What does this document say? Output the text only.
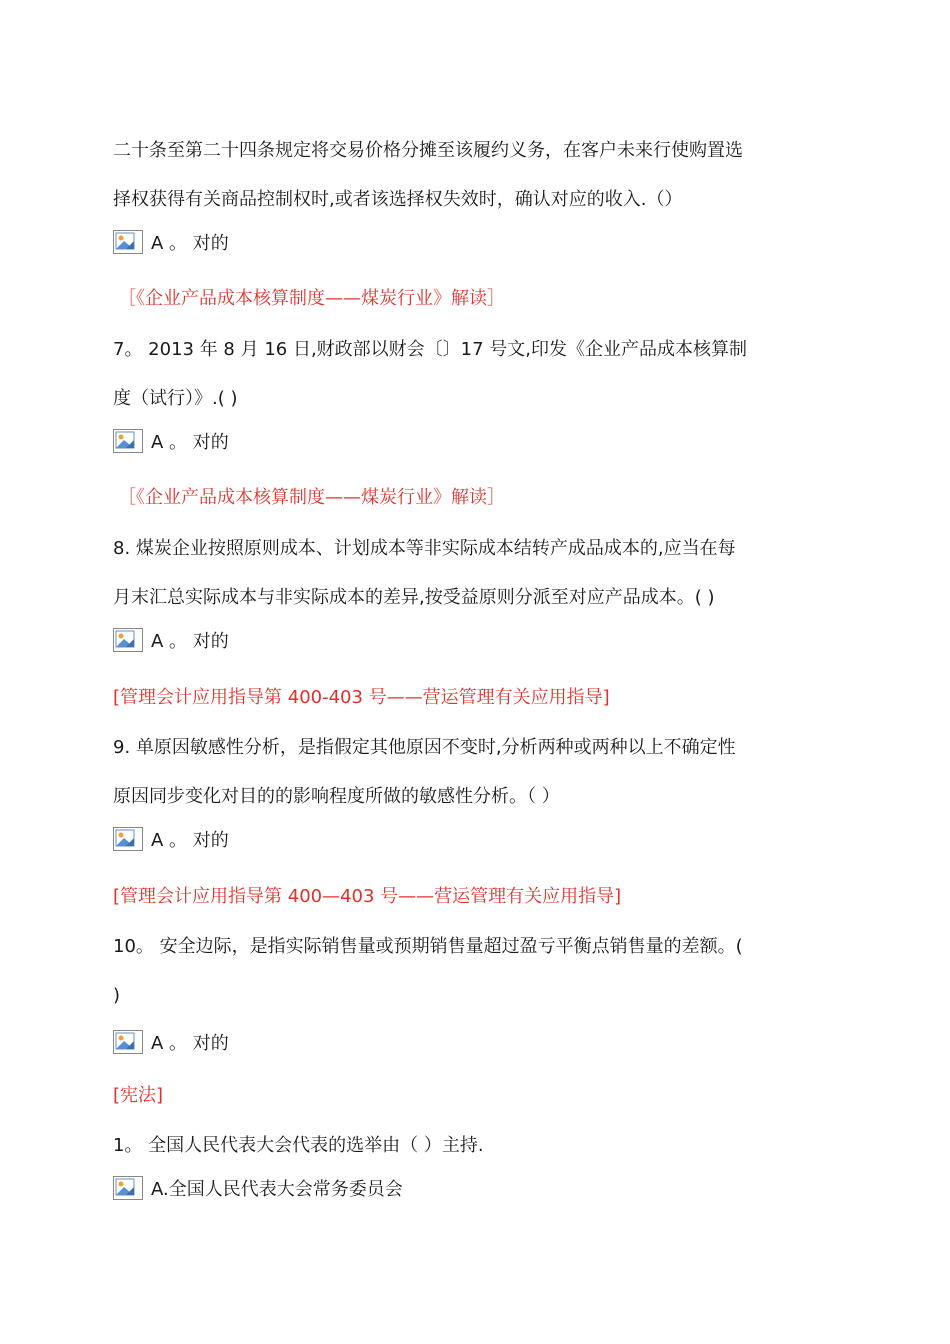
二十条至第二十四条规定将交易价格分摊至该履约义务，在客户未来行使购置选
择权获得有关商品控制权时,或者该选择权失效时，确认对应的收入.（）
A 。 对的
［《企业产品成本核算制度——煤炭行业》解读］
7。 2013 年 8 月 16 日,财政部以财会〔〕17 号文,印发《企业产品成本核算制
度（试行）》.( )
A 。 对的
［《企业产品成本核算制度——煤炭行业》解读］
8. 煤炭企业按照原则成本、计划成本等非实际成本结转产成品成本的,应当在每
月末汇总实际成本与非实际成本的差异,按受益原则分派至对应产品成本。( )
A 。 对的
[管理会计应用指导第 400-403 号——营运管理有关应用指导]
9. 单原因敏感性分析，是指假定其他原因不变时,分析两种或两种以上不确定性
原因同步变化对目的的影响程度所做的敏感性分析。（ ）
A 。 对的
[管理会计应用指导第 400—403 号——营运管理有关应用指导]
10。 安全边际，是指实际销售量或预期销售量超过盈亏平衡点销售量的差额。(
)
A 。 对的
[宪法]
1。 全国人民代表大会代表的选举由（ ）主持.
A.全国人民代表大会常务委员会
